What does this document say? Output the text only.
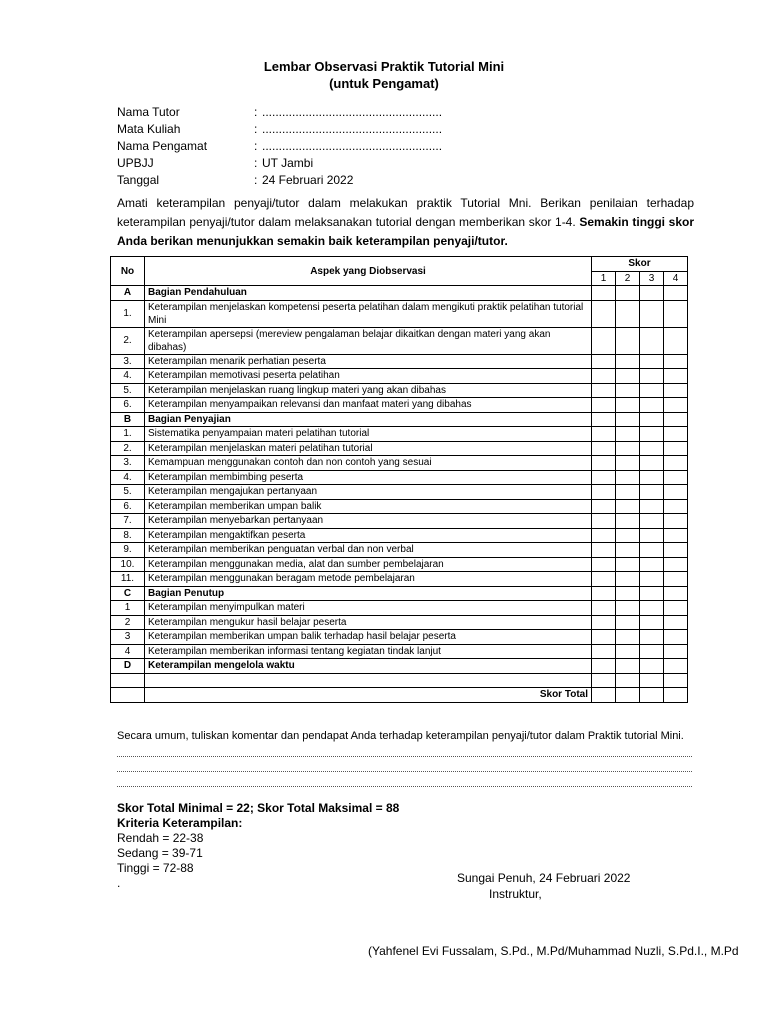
Lembar Observasi Praktik Tutorial Mini
(untuk Pengamat)
Nama Tutor	: ......................................................
Mata Kuliah	: ......................................................
Nama Pengamat	: ......................................................
UPBJJ	: UT Jambi
Tanggal	: 24 Februari 2022
Amati keterampilan penyaji/tutor dalam melakukan praktik Tutorial Mni. Berikan penilaian terhadap keterampilan penyaji/tutor dalam melaksanakan tutorial dengan memberikan skor 1-4. Semakin tinggi skor Anda berikan menunjukkan semakin baik keterampilan penyaji/tutor.
No	Aspek yang Diobservasi	Skor			
		1	2	3	4
A	Bagian Pendahuluan				
1.	Keterampilan menjelaskan kompetensi peserta pelatihan dalam mengikuti praktik pelatihan tutorial Mini				
2.	Keterampilan apersepsi (mereview pengalaman belajar dikaitkan dengan materi yang akan dibahas)				
3.	Keterampilan menarik perhatian peserta				
4.	Keterampilan memotivasi peserta pelatihan				
5.	Keterampilan menjelaskan ruang lingkup materi yang akan dibahas				
6.	Keterampilan menyampaikan relevansi dan manfaat materi yang dibahas				
B	Bagian Penyajian				
1.	Sistematika penyampaian materi pelatihan tutorial				
2.	Keterampilan menjelaskan materi pelatihan tutorial				
3.	Kemampuan menggunakan contoh dan non contoh yang sesuai				
4.	Keterampilan membimbing peserta				
5.	Keterampilan mengajukan pertanyaan				
6.	Keterampilan memberikan umpan balik				
7.	Keterampilan menyebarkan pertanyaan				
8.	Keterampilan mengaktifkan peserta				
9.	Keterampilan memberikan penguatan verbal dan non verbal				
10.	Keterampilan menggunakan media, alat dan sumber pembelajaran				
11.	Keterampilan menggunakan beragam metode pembelajaran				
C	Bagian Penutup				
1	Keterampilan menyimpulkan materi				
2	Keterampilan mengukur hasil belajar peserta				
3	Keterampilan memberikan umpan balik terhadap hasil belajar peserta				
4	Keterampilan memberikan informasi tentang kegiatan tindak lanjut				
D	Keterampilan mengelola waktu				

	Skor Total				
Secara umum, tuliskan komentar dan pendapat Anda terhadap keterampilan penyaji/tutor dalam Praktik tutorial Mini.
Skor Total Minimal = 22; Skor Total Maksimal = 88
Kriteria Keterampilan:
Rendah = 22-38
Sedang = 39-71
Tinggi = 72-88
.	Sungai Penuh, 24 Februari 2022
Instruktur,
(Yahfenel Evi Fussalam, S.Pd., M.Pd/Muhammad Nuzli, S.Pd.I., M.Pd
